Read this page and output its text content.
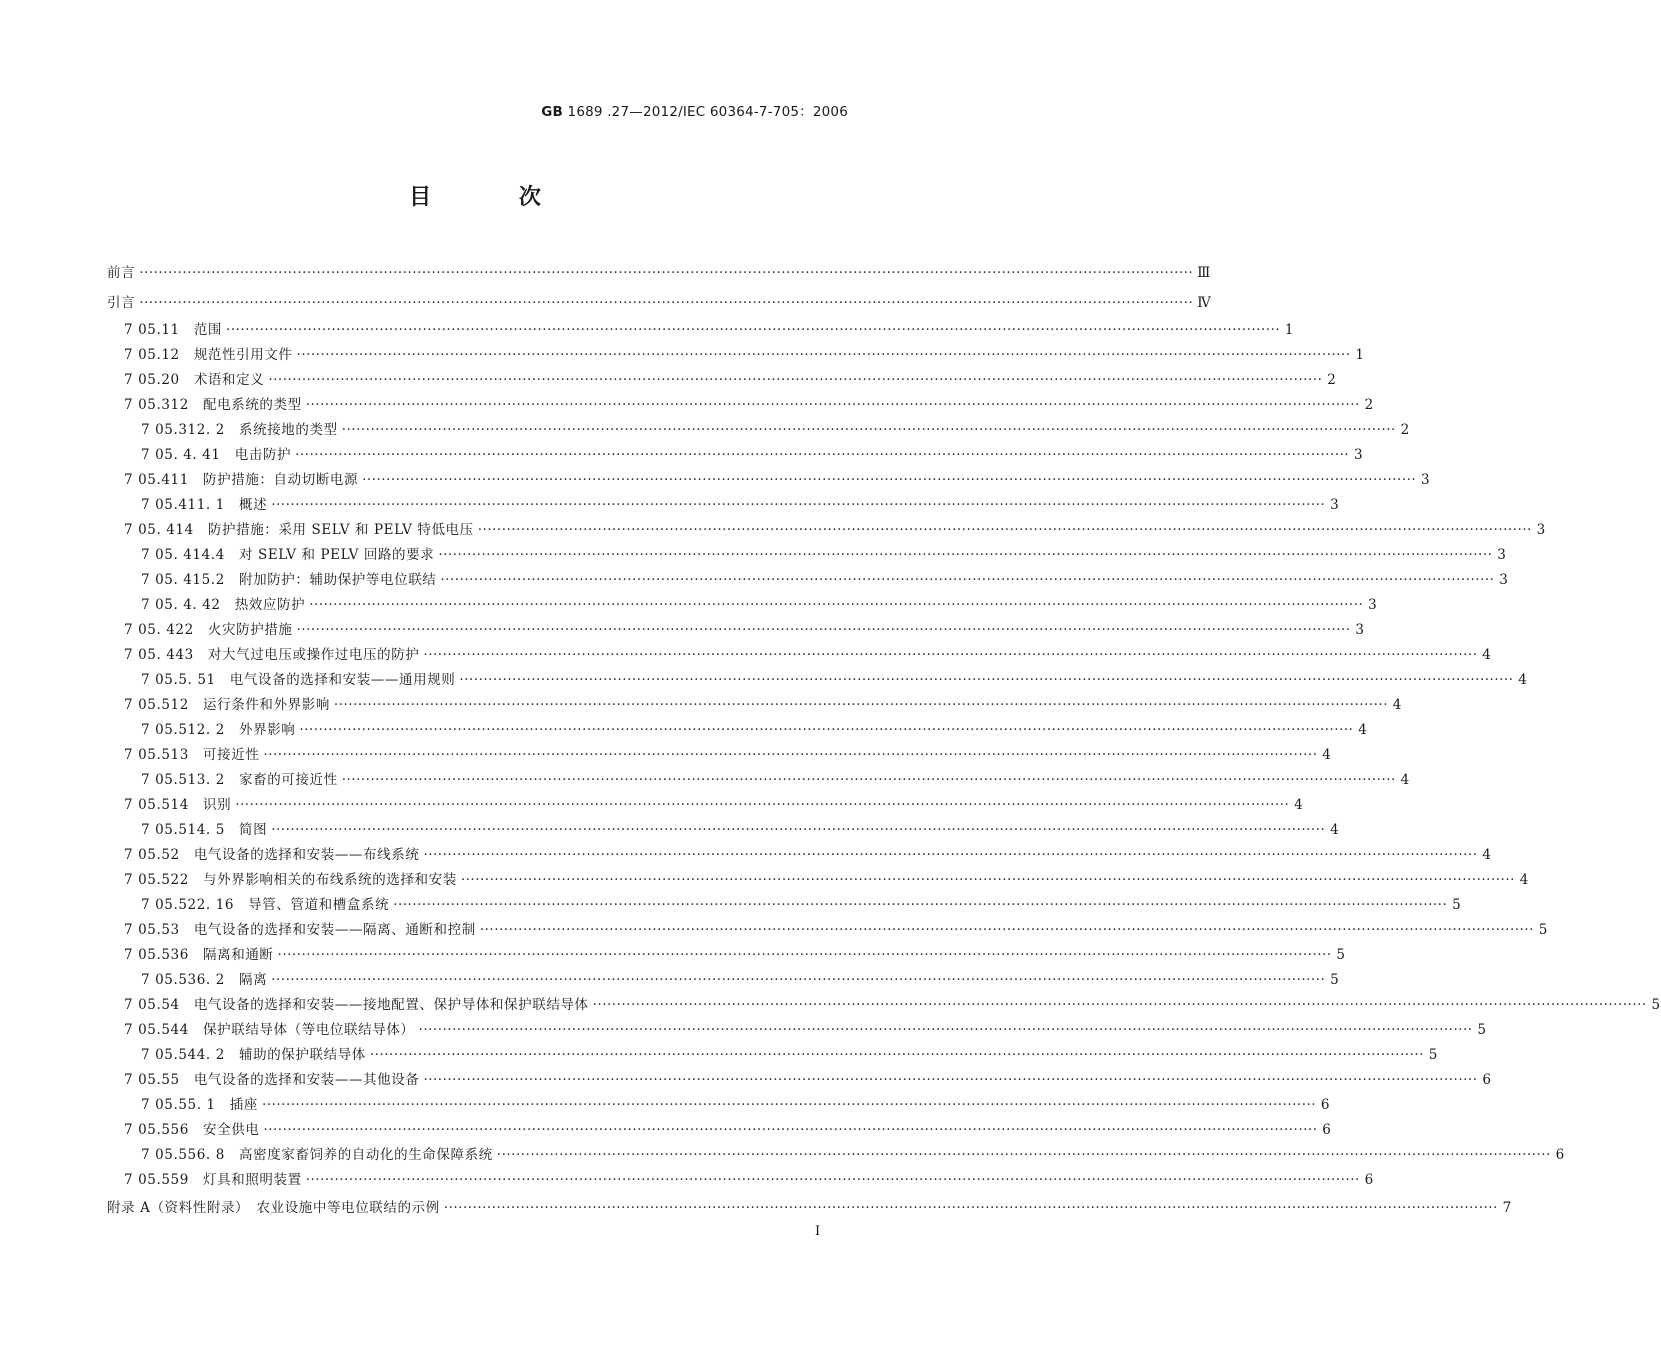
GB 1689 .27—2012/IEC 60364-7-705：2006
目 次
前言 ···························································································································································································································· Ⅲ
引言 ···························································································································································································································· Ⅳ
7 05.11　范围 ···························································································································································································································· 1
7 05.12　规范性引用文件 ···························································································································································································································· 1
7 05.20　术语和定义 ···························································································································································································································· 2
7 05.312　配电系统的类型 ···························································································································································································································· 2
7 05.312. 2　系统接地的类型 ···························································································································································································································· 2
7 05. 4. 41　电击防护 ···························································································································································································································· 3
7 05.411　防护措施：自动切断电源 ···························································································································································································································· 3
7 05.411. 1　概述 ···························································································································································································································· 3
7 05. 414　防护措施：采用 SELV 和 PELV 特低电压 ···························································································································································································································· 3
7 05. 414.4　对 SELV 和 PELV 回路的要求 ···························································································································································································································· 3
7 05. 415.2　附加防护：辅助保护等电位联结 ···························································································································································································································· 3
7 05. 4. 42　热效应防护 ···························································································································································································································· 3
7 05. 422　火灾防护措施 ···························································································································································································································· 3
7 05. 443　对大气过电压或操作过电压的防护 ···························································································································································································································· 4
7 05.5. 51　电气设备的选择和安装——通用规则 ···························································································································································································································· 4
7 05.512　运行条件和外界影响 ···························································································································································································································· 4
7 05.512. 2　外界影响 ···························································································································································································································· 4
7 05.513　可接近性 ···························································································································································································································· 4
7 05.513. 2　家畜的可接近性 ···························································································································································································································· 4
7 05.514　识别 ···························································································································································································································· 4
7 05.514. 5　简图 ···························································································································································································································· 4
7 05.52　电气设备的选择和安装——布线系统 ···························································································································································································································· 4
7 05.522　与外界影响相关的布线系统的选择和安装 ···························································································································································································································· 4
7 05.522. 16　导管、管道和槽盒系统 ···························································································································································································································· 5
7 05.53　电气设备的选择和安装——隔离、通断和控制 ···························································································································································································································· 5
7 05.536　隔离和通断 ···························································································································································································································· 5
7 05.536. 2　隔离 ···························································································································································································································· 5
7 05.54　电气设备的选择和安装——接地配置、保护导体和保护联结导体 ···························································································································································································································· 5
7 05.544　保护联结导体（等电位联结导体） ···························································································································································································································· 5
7 05.544. 2　辅助的保护联结导体 ···························································································································································································································· 5
7 05.55　电气设备的选择和安装——其他设备 ···························································································································································································································· 6
7 05.55. 1　插座 ···························································································································································································································· 6
7 05.556　安全供电 ···························································································································································································································· 6
7 05.556. 8　高密度家畜饲养的自动化的生命保障系统 ···························································································································································································································· 6
7 05.559　灯具和照明装置 ···························································································································································································································· 6
附录 A（资料性附录）　农业设施中等电位联结的示例 ···························································································································································································································· 7
Ⅰ
